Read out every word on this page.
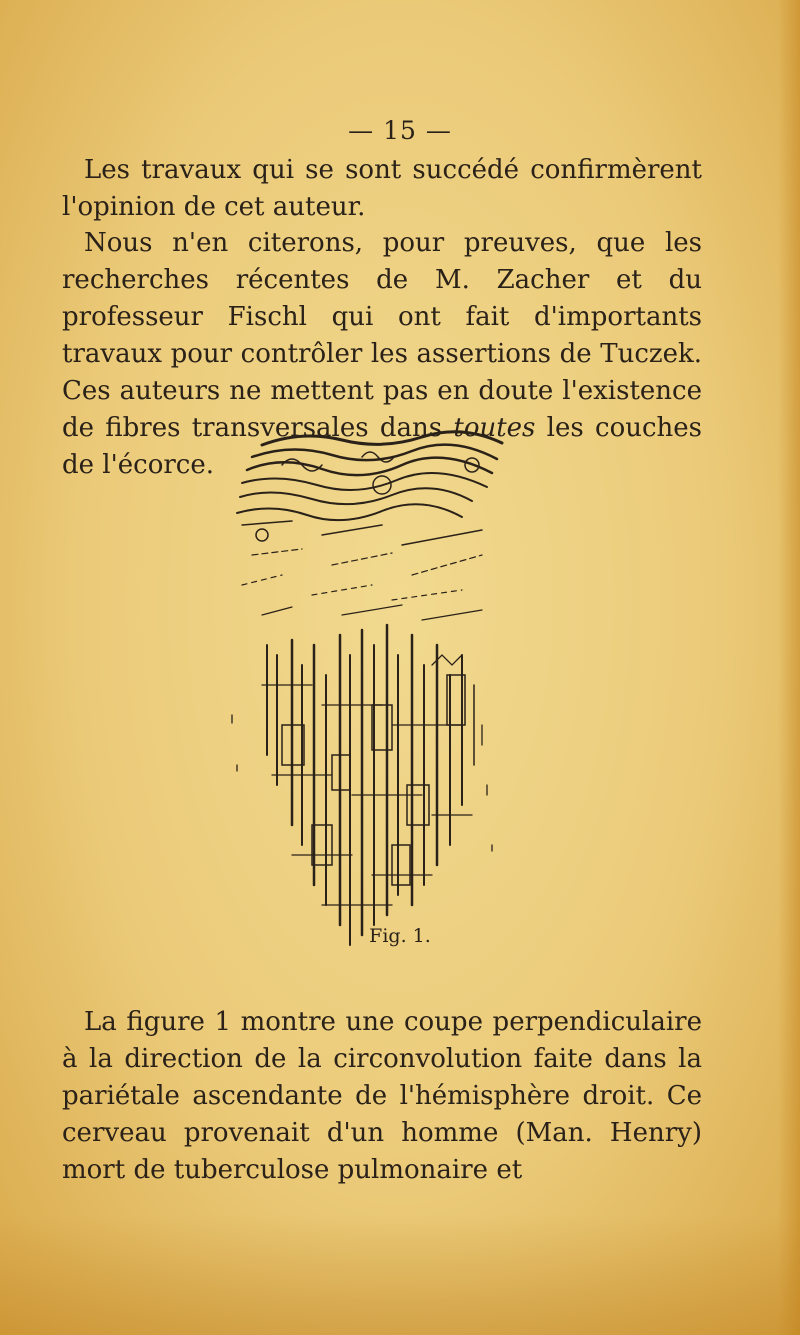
— 15 —

Les travaux qui se sont succédé confirmèrent l'opinion de cet auteur.

Nous n'en citerons, pour preuves, que les recherches récentes de M. Zacher et du professeur Fischl qui ont fait d'importants travaux pour contrôler les assertions de Tuczek. Ces auteurs ne mettent pas en doute l'existence de fibres transversales dans toutes les couches de l'écorce.

Fig. 1.

La figure 1 montre une coupe perpendiculaire à la direction de la circonvolution faite dans la pariétale ascendante de l'hémisphère droit. Ce cerveau provenait d'un homme (Man. Henry) mort de tuberculose pulmonaire et
